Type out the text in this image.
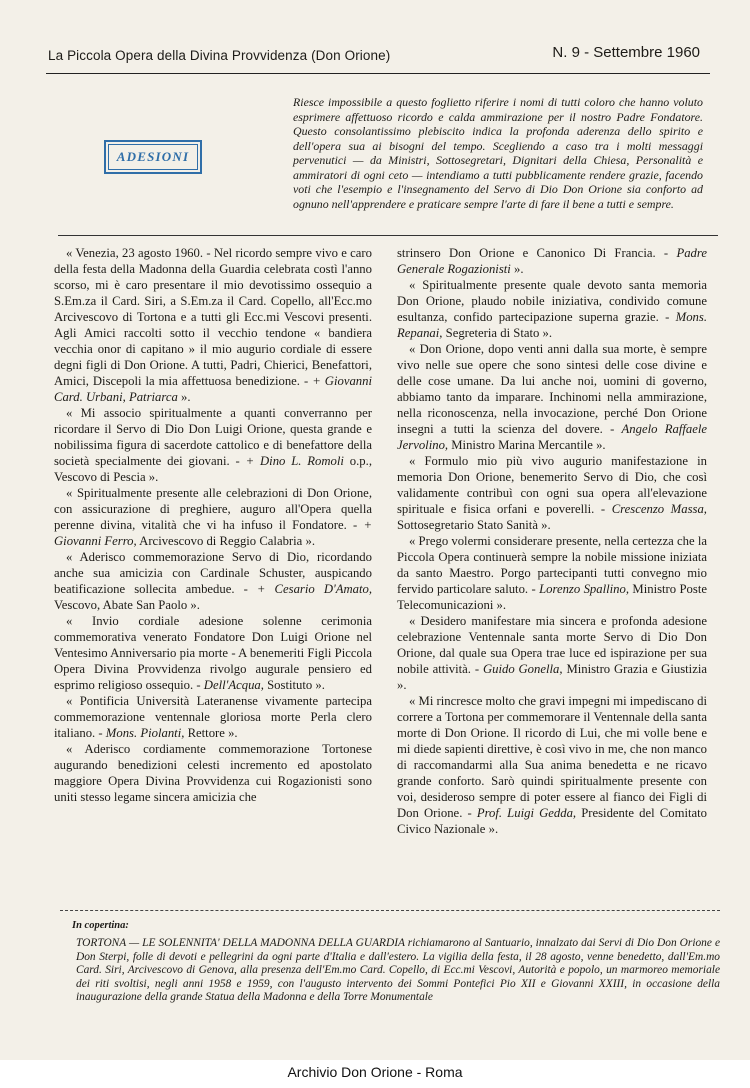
La Piccola Opera della Divina Provvidenza (Don Orione)	N. 9 - Settembre 1960
ADESIONI
Riesce impossibile a questo foglietto riferire i nomi di tutti coloro che hanno voluto esprimere affettuoso ricordo e calda ammirazione per il nostro Padre Fondatore. Questo consolantissimo plebiscito indica la profonda aderenza dello spirito e dell'opera sua ai bisogni del tempo. Scegliendo a caso tra i molti messaggi pervenutici — da Ministri, Sottosegretari, Dignitari della Chiesa, Personalità e ammiratori di ogni ceto — intendiamo a tutti pubblicamente rendere grazie, facendo voti che l'esempio e l'insegnamento del Servo di Dio Don Orione sia conforto ad ognuno nell'apprendere e praticare sempre l'arte di fare il bene a tutti e sempre.

« Venezia, 23 agosto 1960. - Nel ricordo sempre vivo e caro della festa della Madonna della Guardia celebrata costì l'anno scorso, mi è caro presentare il mio devotissimo ossequio a S.Em.za il Card. Siri, a S.Em.za il Card. Copello, all'Ecc.mo Arcivescovo di Tortona e a tutti gli Ecc.mi Vescovi presenti. Agli Amici raccolti sotto il vecchio tendone « bandiera vecchia onor di capitano » il mio augurio cordiale di essere degni figli di Don Orione. A tutti, Padri, Chierici, Benefattori, Amici, Discepoli la mia affettuosa benedizione. - + Giovanni Card. Urbani, Patriarca ».

« Mi associo spiritualmente a quanti converranno per ricordare il Servo di Dio Don Luigi Orione, questa grande e nobilissima figura di sacerdote cattolico e di benefattore della società specialmente dei giovani. - + Dino L. Romoli o.p., Vescovo di Pescia ».

« Spiritualmente presente alle celebrazioni di Don Orione, con assicurazione di preghiere, auguro all'Opera quella perenne divina, vitalità che vi ha infuso il Fondatore. - + Giovanni Ferro, Arcivescovo di Reggio Calabria ».

« Aderisco commemorazione Servo di Dio, ricordando anche sua amicizia con Cardinale Schuster, auspicando beatificazione sollecita ambedue. - + Cesario D'Amato, Vescovo, Abate San Paolo ».

« Invio cordiale adesione solenne cerimonia commemorativa venerato Fondatore Don Luigi Orione nel Ventesimo Anniversario pia morte - A benemeriti Figli Piccola Opera Divina Provvidenza rivolgo augurale pensiero ed esprimo religioso ossequio. - Dell'Acqua, Sostituto ».

« Pontificia Università Lateranense vivamente partecipa commemorazione ventennale gloriosa morte Perla clero italiano. - Mons. Piolanti, Rettore ».

« Aderisco cordiamente commemorazione Tortonese augurando benedizioni celesti incremento ed apostolato maggiore Opera Divina Provvidenza cui Rogazionisti sono uniti stesso legame sincera amicizia che

strinsero Don Orione e Canonico Di Francia. - Padre Generale Rogazionisti ».

« Spiritualmente presente quale devoto santa memoria Don Orione, plaudo nobile iniziativa, condivido comune esultanza, confido partecipazione superna grazie. - Mons. Repanai, Segreteria di Stato ».

« Don Orione, dopo venti anni dalla sua morte, è sempre vivo nelle sue opere che sono sintesi delle cose divine e delle cose umane. Da lui anche noi, uomini di governo, abbiamo tanto da imparare. Inchinomi nella ammirazione, nella riconoscenza, nella invocazione, perché Don Orione insegni a tutti la scienza del dovere. - Angelo Raffaele Jervolino, Ministro Marina Mercantile ».

« Formulo mio più vivo augurio manifestazione in memoria Don Orione, benemerito Servo di Dio, che così validamente contribuì con ogni sua opera all'elevazione spirituale e fisica orfani e poverelli. - Crescenzo Massa, Sottosegretario Stato Sanità ».

« Prego volermi considerare presente, nella certezza che la Piccola Opera continuerà sempre la nobile missione iniziata da santo Maestro. Porgo partecipanti tutti convegno mio fervido particolare saluto. - Lorenzo Spallino, Ministro Poste Telecomunicazioni ».

« Desidero manifestare mia sincera e profonda adesione celebrazione Ventennale santa morte Servo di Dio Don Orione, dal quale sua Opera trae luce ed ispirazione per sua nobile attività. - Guido Gonella, Ministro Grazia e Giustizia ».

« Mi rincresce molto che gravi impegni mi impediscano di correre a Tortona per commemorare il Ventennale della santa morte di Don Orione. Il ricordo di Lui, che mi volle bene e mi diede sapienti direttive, è così vivo in me, che non manco di raccomandarmi alla Sua anima benedetta e ne ricavo grande conforto. Sarò quindi spiritualmente presente con voi, desideroso sempre di poter essere al fianco dei Figli di Don Orione. - Prof. Luigi Gedda, Presidente del Comitato Civico Nazionale ».

In copertina:
TORTONA — LE SOLENNITA' DELLA MADONNA DELLA GUARDIA richiamarono al Santuario, innalzato dai Servi di Dio Don Orione e Don Sterpi, folle di devoti e pellegrini da ogni parte d'Italia e dall'estero. La vigilia della festa, il 28 agosto, venne benedetto, dall'Em.mo Card. Siri, Arcivescovo di Genova, alla presenza dell'Em.mo Card. Copello, di Ecc.mi Vescovi, Autorità e popolo, un marmoreo memoriale dei riti svoltisi, negli anni 1958 e 1959, con l'augusto intervento dei Sommi Pontefici Pio XII e Giovanni XXIII, in occasione della inaugurazione della grande Statua della Madonna e della Torre Monumentale
Archivio Don Orione - Roma
